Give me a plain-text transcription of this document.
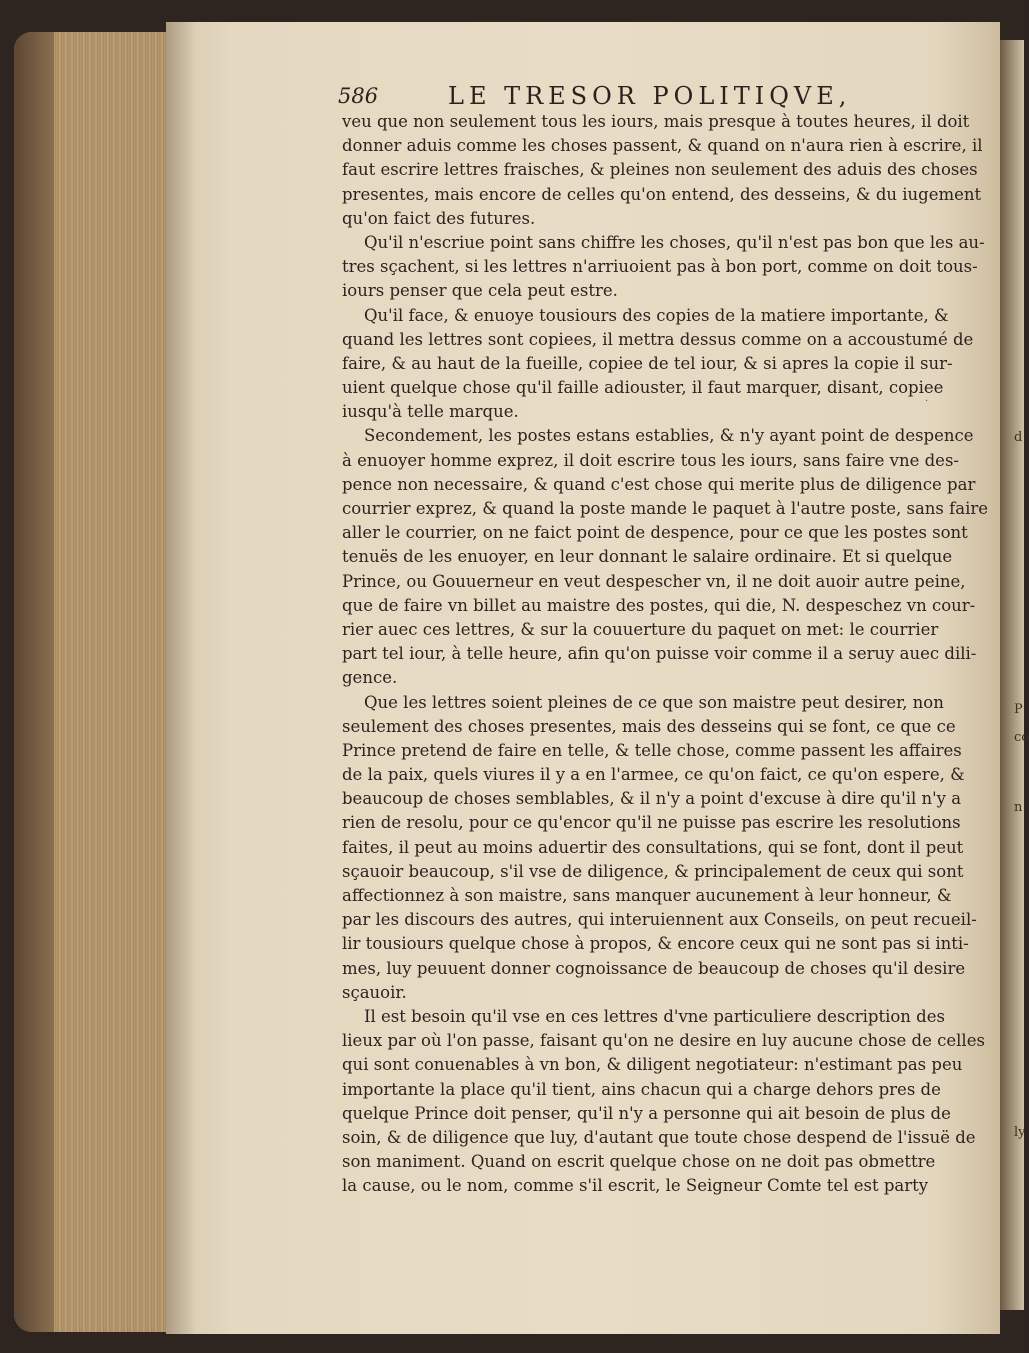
d
P
co
n
ly
586	LE TRESOR POLITIQVE,
veu que non seulement tous les iours, mais presque à toutes heures, il doit
donner aduis comme les choses passent, & quand on n'aura rien à escrire, il
faut escrire lettres fraisches, & pleines non seulement des aduis des choses
presentes, mais encore de celles qu'on entend, des desseins, & du iugement
qu'on faict des futures.
Qu'il n'escriue point sans chiffre les choses, qu'il n'est pas bon que les au-
tres sçachent, si les lettres n'arriuoient pas à bon port, comme on doit tous-
iours penser que cela peut estre.
Qu'il face, & enuoye tousiours des copies de la matiere importante, &
quand les lettres sont copiees, il mettra dessus comme on a accoustumé de
faire, & au haut de la fueille, copiee de tel iour, & si apres la copie il sur-
uient quelque chose qu'il faille adiouster, il faut marquer, disant, copiee
iusqu'à telle marque.
Secondement, les postes estans establies, & n'y ayant point de despence
à enuoyer homme exprez, il doit escrire tous les iours, sans faire vne des-
pence non necessaire, & quand c'est chose qui merite plus de diligence par
courrier exprez, & quand la poste mande le paquet à l'autre poste, sans faire
aller le courrier, on ne faict point de despence, pour ce que les postes sont
tenuës de les enuoyer, en leur donnant le salaire ordinaire. Et si quelque
Prince, ou Gouuerneur en veut despescher vn, il ne doit auoir autre peine,
que de faire vn billet au maistre des postes, qui die, N. despeschez vn cour-
rier auec ces lettres, & sur la couuerture du paquet on met: le courrier
part tel iour, à telle heure, afin qu'on puisse voir comme il a seruy auec dili-
gence.
Que les lettres soient pleines de ce que son maistre peut desirer, non
seulement des choses presentes, mais des desseins qui se font, ce que ce
Prince pretend de faire en telle, & telle chose, comme passent les affaires
de la paix, quels viures il y a en l'armee, ce qu'on faict, ce qu'on espere, &
beaucoup de choses semblables, & il n'y a point d'excuse à dire qu'il n'y a
rien de resolu, pour ce qu'encor qu'il ne puisse pas escrire les resolutions
faites, il peut au moins aduertir des consultations, qui se font, dont il peut
sçauoir beaucoup, s'il vse de diligence, & principalement de ceux qui sont
affectionnez à son maistre, sans manquer aucunement à leur honneur, &
par les discours des autres, qui interuiennent aux Conseils, on peut recueil-
lir tousiours quelque chose à propos, & encore ceux qui ne sont pas si inti-
mes, luy peuuent donner cognoissance de beaucoup de choses qu'il desire
sçauoir.
Il est besoin qu'il vse en ces lettres d'vne particuliere description des
lieux par où l'on passe, faisant qu'on ne desire en luy aucune chose de celles
qui sont conuenables à vn bon, & diligent negotiateur: n'estimant pas peu
importante la place qu'il tient, ains chacun qui a charge dehors pres de
quelque Prince doit penser, qu'il n'y a personne qui ait besoin de plus de
soin, & de diligence que luy, d'autant que toute chose despend de l'issuë de
son maniment. Quand on escrit quelque chose on ne doit pas obmettre
la cause, ou le nom, comme s'il escrit, le Seigneur Comte tel est party
·
